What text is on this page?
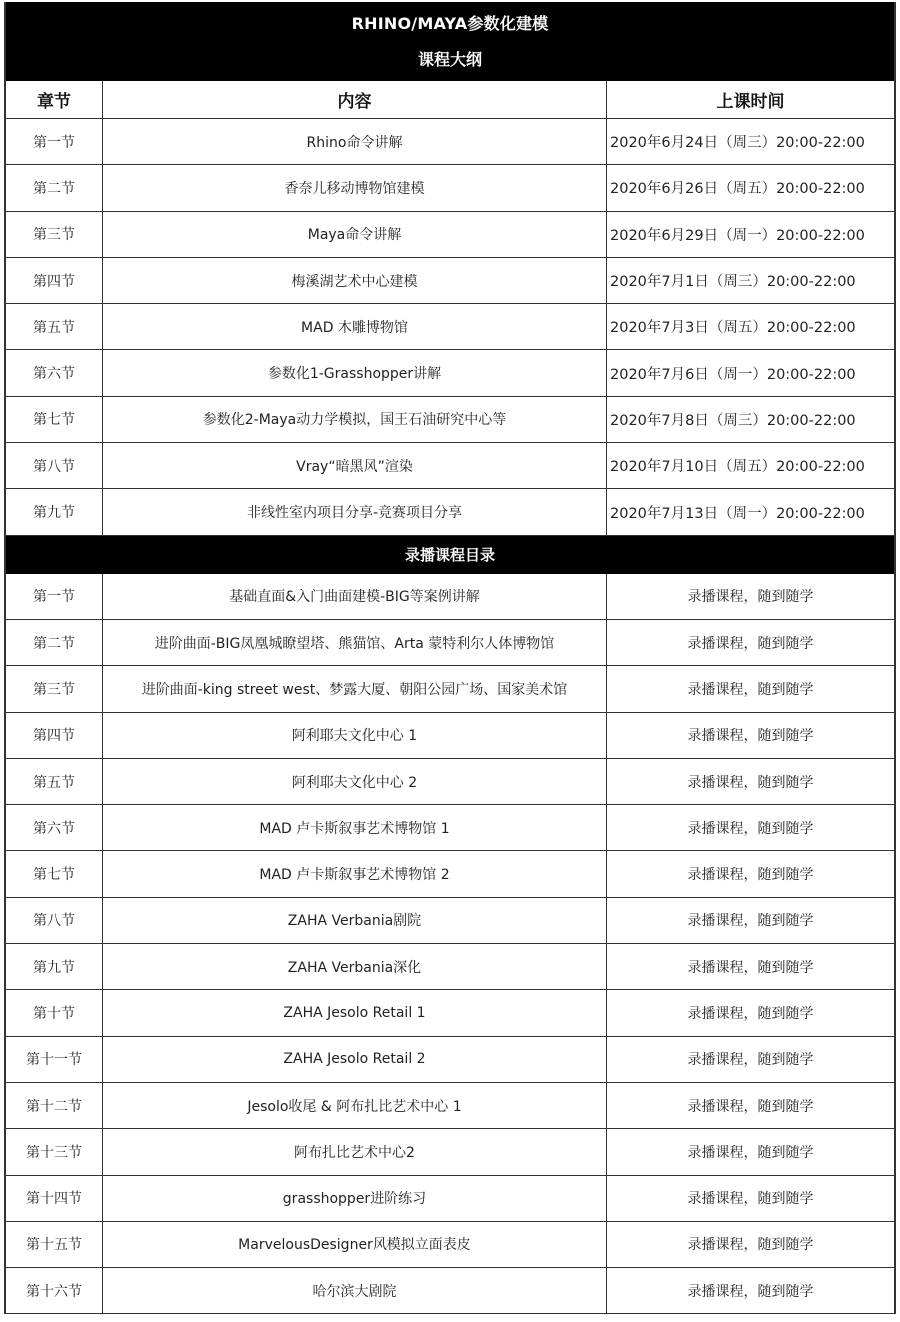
RHINO/MAYA参数化建模
课程大纲
章节	内容	上课时间
第一节	Rhino命令讲解	2020年6月24日（周三）20:00-22:00
第二节	香奈儿移动博物馆建模	2020年6月26日（周五）20:00-22:00
第三节	Maya命令讲解	2020年6月29日（周一）20:00-22:00
第四节	梅溪湖艺术中心建模	2020年7月1日（周三）20:00-22:00
第五节	MAD 木雕博物馆	2020年7月3日（周五）20:00-22:00
第六节	参数化1-Grasshopper讲解	2020年7月6日（周一）20:00-22:00
第七节	参数化2-Maya动力学模拟，国王石油研究中心等	2020年7月8日（周三）20:00-22:00
第八节	Vray“暗黑风”渲染	2020年7月10日（周五）20:00-22:00
第九节	非线性室内项目分享-竞赛项目分享	2020年7月13日（周一）20:00-22:00
录播课程目录
第一节	基础直面&入门曲面建模-BIG等案例讲解	录播课程，随到随学
第二节	进阶曲面-BIG凤凰城瞭望塔、熊猫馆、Arta 蒙特利尔人体博物馆	录播课程，随到随学
第三节	进阶曲面-king street west、梦露大厦、朝阳公园广场、国家美术馆	录播课程，随到随学
第四节	阿利耶夫文化中心 1	录播课程，随到随学
第五节	阿利耶夫文化中心 2	录播课程，随到随学
第六节	MAD 卢卡斯叙事艺术博物馆 1	录播课程，随到随学
第七节	MAD 卢卡斯叙事艺术博物馆 2	录播课程，随到随学
第八节	ZAHA Verbania剧院	录播课程，随到随学
第九节	ZAHA Verbania深化	录播课程，随到随学
第十节	ZAHA Jesolo Retail 1	录播课程，随到随学
第十一节	ZAHA Jesolo Retail 2	录播课程，随到随学
第十二节	Jesolo收尾 & 阿布扎比艺术中心 1	录播课程，随到随学
第十三节	阿布扎比艺术中心2	录播课程，随到随学
第十四节	grasshopper进阶练习	录播课程，随到随学
第十五节	MarvelousDesigner风模拟立面表皮	录播课程，随到随学
第十六节	哈尔滨大剧院	录播课程，随到随学
